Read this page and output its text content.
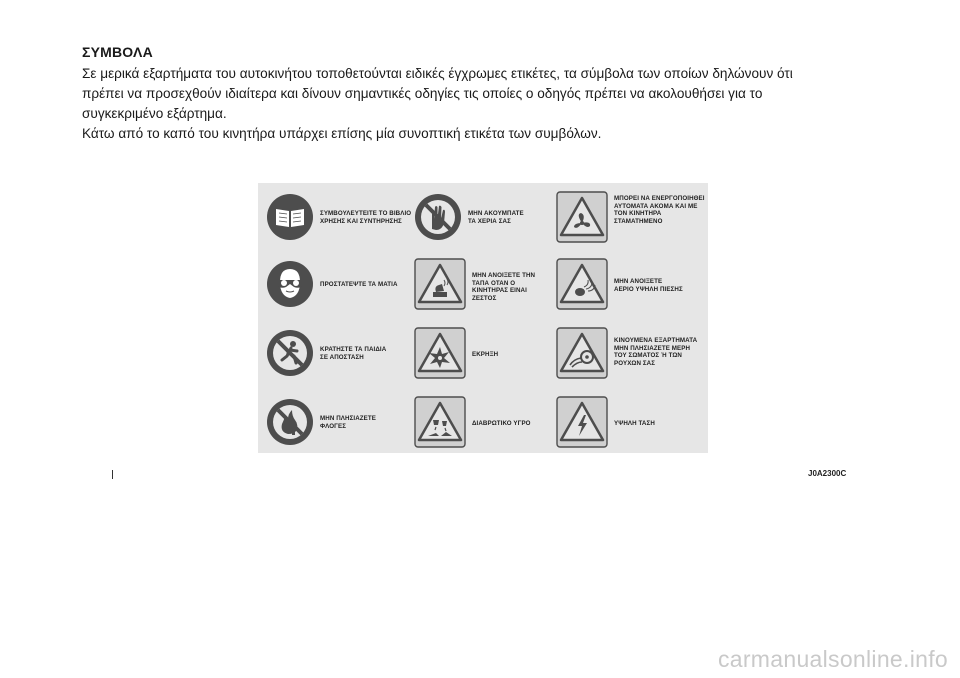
ΣΥΜΒΟΛΑ

Σε μερικά εξαρτήματα του αυτοκινήτου τοποθετούνται ειδικές έγχρωμες ετικέτες, τα σύμβολα των οποίων δηλώνουν ότι

πρέπει να προσεχθούν ιδιαίτερα και δίνουν σημαντικές οδηγίες τις οποίες ο οδηγός πρέπει να ακολουθήσει για το

συγκεκριμένο εξάρτημα.

Κάτω από το καπό του κινητήρα υπάρχει επίσης μία συνοπτική ετικέτα των συμβόλων.

ΣΥΜΒΟΥΛΕΥΤΕΙΤΕ ΤΟ ΒΙΒΛΙΟ
ΧΡΗΣΗΣ ΚΑΙ ΣΥΝΤΗΡΗΣΗΣ
ΜΗΝ ΑΚΟΥΜΠΑΤΕ
ΤΑ ΧΕΡΙΑ ΣΑΣ
ΜΠΟΡΕΙ ΝΑ ΕΝΕΡΓΟΠΟΙΗΘΕΙ
ΑΥΤΟΜΑΤΑ ΑΚΟΜΑ ΚΑΙ ΜΕ
ΤΟΝ ΚΙΝΗΤΗΡΑ
ΣΤΑΜΑΤΗΜΕΝΟ
ΠΡΟΣΤΑΤΕΨΤΕ ΤΑ ΜΑΤΙΑ
ΜΗΝ ΑΝΟΙΞΕΤΕ ΤΗΝ
ΤΑΠΑ ΟΤΑΝ Ο
ΚΙΝΗΤΗΡΑΣ ΕΙΝΑΙ
ΖΕΣΤΟΣ
ΜΗΝ ΑΝΟΙΞΕΤΕ
ΑΕΡΙΟ ΥΨΗΛΗ ΠΙΕΣΗΣ
ΚΡΑΤΗΣΤΕ ΤΑ ΠΑΙΔΙΑ
ΣΕ ΑΠΟΣΤΑΣΗ	ΕΚΡΗΞΗ
ΚΙΝΟΥΜΕΝΑ ΕΞΑΡΤΗΜΑΤΑ
ΜΗΝ ΠΛΗΣΙΑΖΕΤΕ ΜΕΡΗ
ΤΟΥ ΣΩΜΑΤΟΣ Ή ΤΩΝ
ΡΟΥΧΩΝ ΣΑΣ
ΜΗΝ ΠΛΗΣΙΑΖΕΤΕ
ΦΛΟΓΕΣ	ΔΙΑΒΡΩΤΙΚΟ ΥΓΡΟ	ΥΨΗΛΗ ΤΑΣΗ
J0A2300C
carmanualsonline.info
